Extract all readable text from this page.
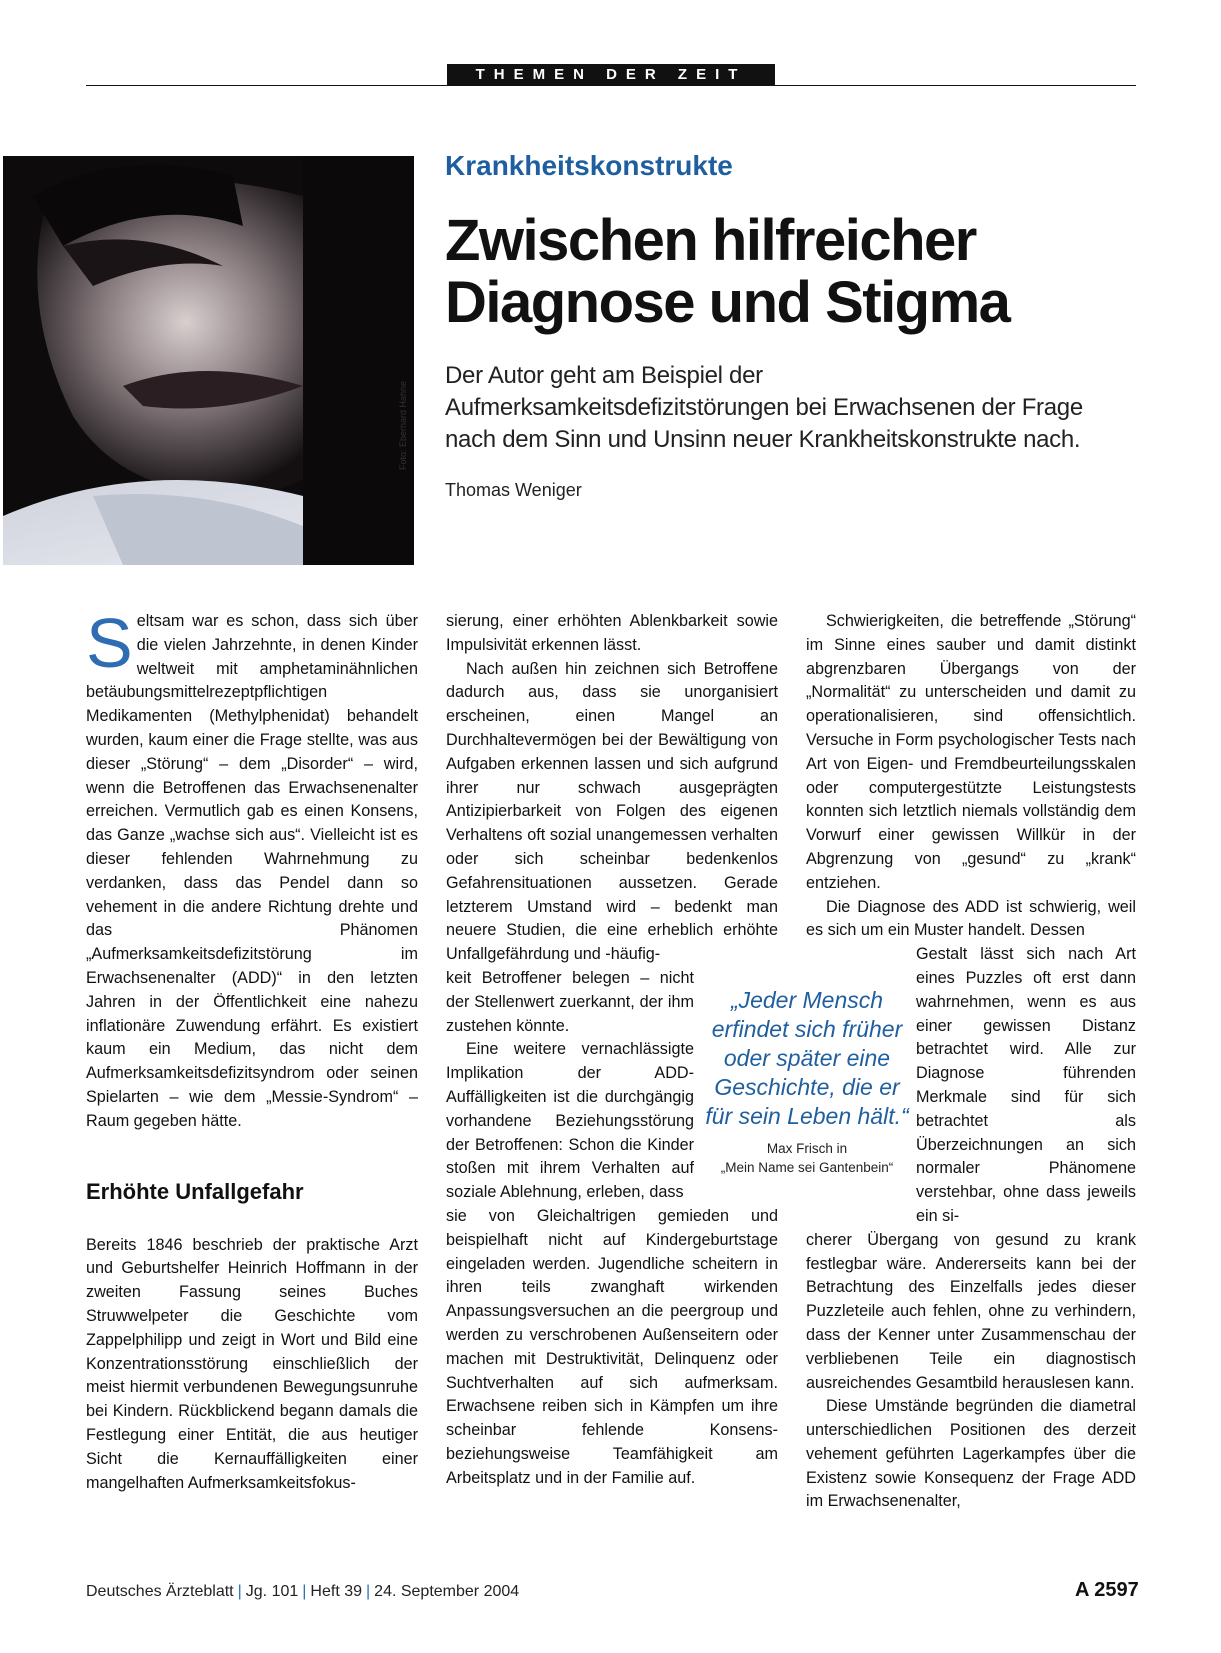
THEMEN DER ZEIT
Foto: Eberhard Hahne
Krankheitskonstrukte
Zwischen hilfreicher Diagnose und Stigma
Der Autor geht am Beispiel der Aufmerksamkeitsdefizitstörungen bei Erwachsenen der Frage nach dem Sinn und Unsinn neuer Krankheitskonstrukte nach.
Thomas Weniger

Seltsam war es schon, dass sich über die vielen Jahrzehnte, in denen Kinder weltweit mit amphetaminähnlichen betäubungsmittelrezeptpflichtigen Medikamenten (Methylphenidat) behandelt wurden, kaum einer die Frage stellte, was aus dieser „Störung“ – dem „Disorder“ – wird, wenn die Betroffenen das Erwachsenenalter erreichen. Vermutlich gab es einen Konsens, das Ganze „wachse sich aus“. Vielleicht ist es dieser fehlenden Wahrnehmung zu verdanken, dass das Pendel dann so vehement in die andere Richtung drehte und das Phänomen „Aufmerksamkeitsdefizitstörung im Erwachsenenalter (ADD)“ in den letzten Jahren in der Öffentlichkeit eine nahezu inflationäre Zuwendung erfährt. Es existiert kaum ein Medium, das nicht dem Aufmerksamkeitsdefizitsyndrom oder seinen Spielarten – wie dem „Messie-Syndrom“ – Raum gegeben hätte.

Erhöhte Unfallgefahr

Bereits 1846 beschrieb der praktische Arzt und Geburtshelfer Heinrich Hoffmann in der zweiten Fassung seines Buches Struwwelpeter die Geschichte vom Zappelphilipp und zeigt in Wort und Bild eine Konzentrationsstörung einschließlich der meist hiermit verbundenen Bewegungsunruhe bei Kindern. Rückblickend begann damals die Festlegung einer Entität, die aus heutiger Sicht die Kernauffälligkeiten einer mangelhaften Aufmerksamkeitsfokus-

sierung, einer erhöhten Ablenkbarkeit sowie Impulsivität erkennen lässt.

Nach außen hin zeichnen sich Betroffene dadurch aus, dass sie unorganisiert erscheinen, einen Mangel an Durchhaltevermögen bei der Bewältigung von Aufgaben erkennen lassen und sich aufgrund ihrer nur schwach ausgeprägten Antizipierbarkeit von Folgen des eigenen Verhaltens oft sozial unangemessen verhalten oder sich scheinbar bedenkenlos Gefahrensituationen aussetzen. Gerade letzterem Umstand wird – bedenkt man neuere Studien, die eine erheblich erhöhte Unfallgefährdung und -häufig-

keit Betroffener belegen – nicht der Stellenwert zuerkannt, der ihm zustehen könnte.

Eine weitere vernachlässigte Implikation der ADD-Auffälligkeiten ist die durchgängig vorhandene Beziehungsstörung der Betroffenen: Schon die Kinder stoßen mit ihrem Verhalten auf soziale Ablehnung, erleben, dass

sie von Gleichaltrigen gemieden und beispielhaft nicht auf Kindergeburtstage eingeladen werden. Jugendliche scheitern in ihren teils zwanghaft wirkenden Anpassungsversuchen an die peergroup und werden zu verschrobenen Außenseitern oder machen mit Destruktivität, Delinquenz oder Suchtverhalten auf sich aufmerksam. Erwachsene reiben sich in Kämpfen um ihre scheinbar fehlende Konsens- beziehungsweise Teamfähigkeit am Arbeitsplatz und in der Familie auf.

Schwierigkeiten, die betreffende „Störung“ im Sinne eines sauber und damit distinkt abgrenzbaren Übergangs von der „Normalität“ zu unterscheiden und damit zu operationalisieren, sind offensichtlich. Versuche in Form psychologischer Tests nach Art von Eigen- und Fremdbeurteilungsskalen oder computergestützte Leistungstests konnten sich letztlich niemals vollständig dem Vorwurf einer gewissen Willkür in der Abgrenzung von „gesund“ zu „krank“ entziehen.

Die Diagnose des ADD ist schwierig, weil es sich um ein Muster handelt. Dessen

Gestalt lässt sich nach Art eines Puzzles oft erst dann wahrnehmen, wenn es aus einer gewissen Distanz betrachtet wird. Alle zur Diagnose führenden Merkmale sind für sich betrachtet als Überzeichnungen an sich normaler Phänomene verstehbar, ohne dass jeweils ein si-

cherer Übergang von gesund zu krank festlegbar wäre. Andererseits kann bei der Betrachtung des Einzelfalls jedes dieser Puzzleteile auch fehlen, ohne zu verhindern, dass der Kenner unter Zusammenschau der verbliebenen Teile ein diagnostisch ausreichendes Gesamtbild herauslesen kann.

Diese Umstände begründen die diametral unterschiedlichen Positionen des derzeit vehement geführten Lagerkampfes über die Existenz sowie Konsequenz der Frage ADD im Erwachsenenalter,

„Jeder Mensch erfindet sich früher oder später eine Geschichte, die er für sein Leben hält.“
Max Frisch in
„Mein Name sei Gantenbein“
Deutsches Ärzteblatt | Jg. 101 | Heft 39 | 24. September 2004	A 2597
